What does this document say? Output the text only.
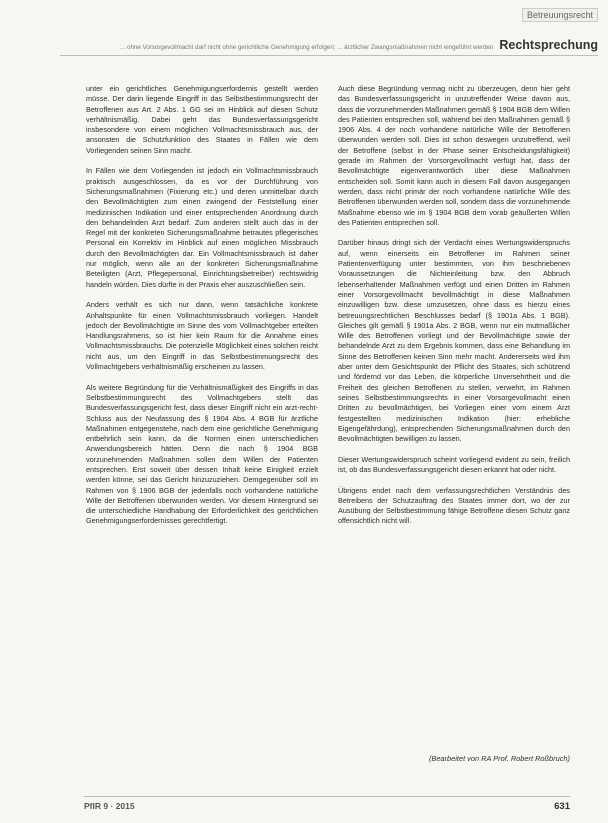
Betreuungsrecht
... ohne Vorsorgevollmacht darf nicht ohne gerichtliche Genehmigung erfolgen; ... ärztlicher Zwangsmaßnahmen nicht eingeführt werden Rechtsprechung

unter ein gerichtliches Genehmigungserfordernis gestellt werden müsse. Der darin liegende Eingriff in das Selbstbestimmungsrecht der Betroffenen aus Art. 2 Abs. 1 GG sei im Hinblick auf diesen Schutz verhältnismäßig. Dabei geht das Bundesverfassungsgericht insbesondere von einem möglichen Vollmachtsmissbrauch aus, der ansonsten die Schutzfunktion des Staates in Fällen wie dem Vorliegenden seinen Sinn macht.

In Fällen wie dem Vorliegenden ist jedoch ein Vollmachtsmissbrauch praktisch ausgeschlossen, da es vor der Durchführung von Sicherungsmaßnahmen (Fixierung etc.) und deren unmittelbar durch den Bevollmächtigten zum einen zwingend der Feststellung einer medizinischen Indikation und einer entsprechenden Anordnung durch den behandelnden Arzt bedarf. Zum anderen stellt auch das in der Regel mit der konkreten Sicherungsmaßnahme betrautes pflegerisches Personal ein Korrektiv im Hinblick auf einen möglichen Missbrauch durch den Bevollmächtigten dar. Ein Vollmachtsmissbrauch ist daher nur möglich, wenn alle an der konkreten Sicherungsmaßnahme Beteiligten (Arzt, Pflegepersonal, Einrichtungsbetreiber) rechtswidrig handeln würden. Dies dürfte in der Praxis eher auszuschließen sein.

Anders verhält es sich nur dann, wenn tatsächliche konkrete Anhaltspunkte für einen Vollmachtsmissbrauch vorliegen. Handelt jedoch der Bevollmächtigte im Sinne des vom Vollmachtgeber erteilten Handlungsrahmens, so ist hier kein Raum für die Annahme eines Vollmachtsmissbrauchs. Die potenzielle Möglichkeit eines solchen reicht nicht aus, um den Eingriff in das Selbstbestimmungsrecht des Vollmachtgebers verhältnismäßig erscheinen zu lassen.

Als weitere Begründung für die Verhältnismäßigkeit des Eingriffs in das Selbstbestimmungsrecht des Vollmachtgebers stellt das Bundesverfassungsgericht fest, dass dieser Eingriff nicht ein arzt-recht-Schluss aus der Neufassung des § 1904 Abs. 4 BGB für ärztliche Maßnahmen entgegenstehe, nach dem eine gerichtliche Genehmigung entbehrlich sein kann, da die Normen einen unterschiedlichen Anwendungsbereich hätten. Denn die nach § 1904 BGB vorzunehmenden Maßnahmen sollen dem Willen der Patienten entsprechen. Erst soweit über dessen Inhalt keine Einigkeit erzielt werden könne, sei das Gericht hinzuzuziehen. Demgegenüber soll im Rahmen von § 1906 BGB der jedenfalls noch vorhandene natürliche Wille der Betroffenen überwunden werden. Vor diesem Hintergrund sei die unterschiedliche Handhabung der Erforderlichkeit des gerichtlichen Genehmigungserfordernisses gerechtfertigt.

Auch diese Begründung vermag nicht zu überzeugen, denn hier geht das Bundesverfassungsgericht in unzutreffender Weise davon aus, dass die vorzunehmenden Maßnahmen gemäß § 1904 BGB dem Willen des Patienten entsprechen soll, während bei den Maßnahmen gemäß § 1906 Abs. 4 der noch vorhandene natürliche Wille der Betroffenen überwunden werden soll. Dies ist schon deswegen unzutreffend, weil der Betroffene (selbst in der Phase seiner Entscheidungsfähigkeit) gerade im Rahmen der Vorsorgevollmacht verfügt hat, dass der Bevollmächtigte eigenverantwortlich über diese Maßnahmen entscheiden soll. Somit kann auch in diesem Fall davon ausgegangen werden, dass nicht primär der noch vorhandene natürliche Wille des Betroffenen überwunden werden soll, sondern dass die vorzunehmende Maßnahme ebenso wie im § 1904 BGB dem vorab geäußerten Willen des Patienten entsprechen soll.

Darüber hinaus dringt sich der Verdacht eines Wertungswiderspruchs auf, wenn einerseits ein Betroffener im Rahmen seiner Patientenverfügung unter bestimmten, von ihm beschriebenen Voraussetzungen die Nichteinleitung bzw. den Abbruch lebenserhaltender Maßnahmen verfügt und einen Dritten im Rahmen einer Vorsorgevollmacht bevollmächtigt in diese Maßnahmen einzuwilligen bzw. diese umzusetzen, ohne dass es hierzu eines betreuungsrechtlichen Beschlusses bedarf (§ 1901a Abs. 1 BGB). Gleiches gilt gemäß § 1901a Abs. 2 BGB, wenn nur ein mutmaßlicher Wille des Betroffenen vorliegt und der Bevollmächtigte sowie der behandelnde Arzt zu dem Ergebnis kommen, dass eine Behandlung im Sinne des Betroffenen keinen Sinn mehr macht. Andererseits wird ihm aber unter dem Gesichtspunkt der Pflicht des Staates, sich schützend und fördernd vor das Leben, die körperliche Unversehrtheit und die Freiheit des gleichen Betroffenen zu stellen, verwehrt, im Rahmen seines Selbstbestimmungsrechts in einer Vorsorgevollmacht einen Dritten zu bevollmächtigen, bei Vorliegen einer vom einem Arzt festgestellten medizinischen Indikation (hier: erhebliche Eigengefährdung), entsprechenden Sicherungsmaßnahmen durch den Bevollmächtigten bewilligen zu lassen.

Dieser Wertungswiderspruch scheint vorliegend evident zu sein, freilich ist, ob das Bundesverfassungsgericht diesen erkannt hat oder nicht.

Übrigens endet nach dem verfassungsrechtlichen Verständnis des Betreibens der Schutzauftrag des Staates immer dort, wo der zur Ausübung der Selbstbestimmung fähige Betroffene diesen Schutz ganz offensichtlich nicht will.

(Bearbeitet von RA Prof. Robert Roßbruch)
PflR 9 · 2015	631
